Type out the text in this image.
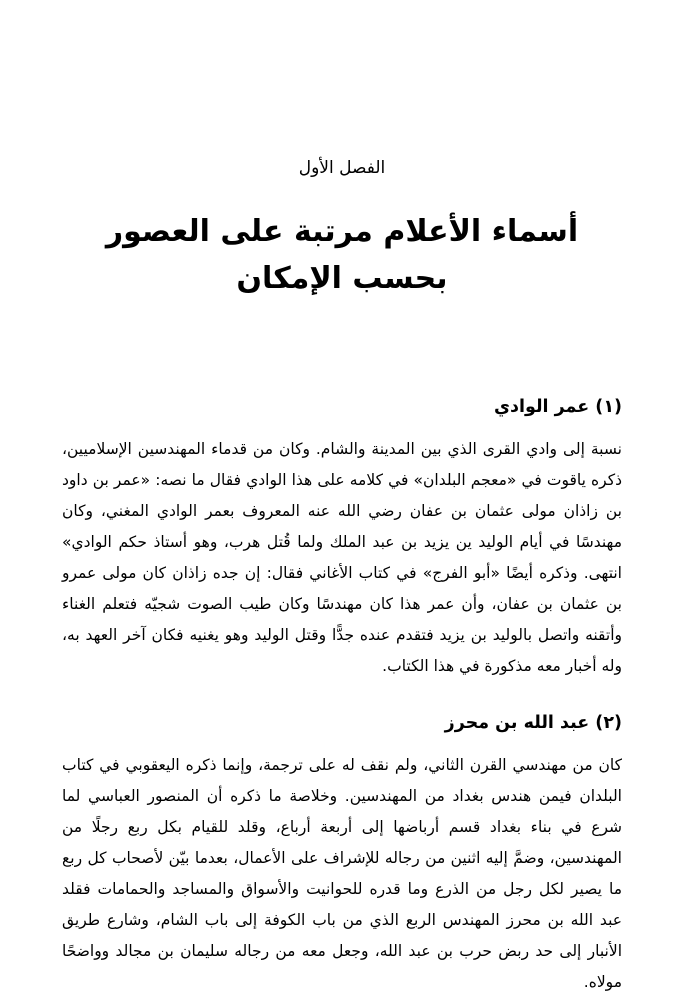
الفصل الأول
أسماء الأعلام مرتبة على العصور بحسب الإمكان
(١) عمر الوادي

نسبة إلى وادي القرى الذي بين المدينة والشام. وكان من قدماء المهندسين الإسلاميين، ذكره ياقوت في «معجم البلدان» في كلامه على هذا الوادي فقال ما نصه: «عمر بن داود بن زاذان مولى عثمان بن عفان رضي الله عنه المعروف بعمر الوادي المغني، وكان مهندسًا في أيام الوليد ين يزيد بن عبد الملك ولما قُتل هرب، وهو أستاذ حكم الوادي» انتهى. وذكره أيضًا «أبو الفرج» في كتاب الأغاني فقال: إن جده زاذان كان مولى عمرو بن عثمان بن عفان، وأن عمر هذا كان مهندسًا وكان طيب الصوت شجيّه فتعلم الغناء وأتقنه واتصل بالوليد بن يزيد فتقدم عنده جدًّا وقتل الوليد وهو يغنيه فكان آخر العهد به، وله أخبار معه مذكورة في هذا الكتاب.

(٢) عبد الله بن محرز

كان من مهندسي القرن الثاني، ولم نقف له على ترجمة، وإنما ذكره اليعقوبي في كتاب البلدان فيمن هندس بغداد من المهندسين. وخلاصة ما ذكره أن المنصور العباسي لما شرع في بناء بغداد قسم أرباضها إلى أربعة أرباع، وقلد للقيام بكل ربع رجلًا من المهندسين، وضمَّ إليه اثنين من رجاله للإشراف على الأعمال، بعدما بيّن لأصحاب كل ربع ما يصير لكل رجل من الذرع وما قدره للحوانيت والأسواق والمساجد والحمامات فقلد عبد الله بن محرز المهندس الربع الذي من باب الكوفة إلى باب الشام، وشارع طريق الأنبار إلى حد ربض حرب بن عبد الله، وجعل معه من رجاله سليمان بن مجالد وواضحًا مولاه.
